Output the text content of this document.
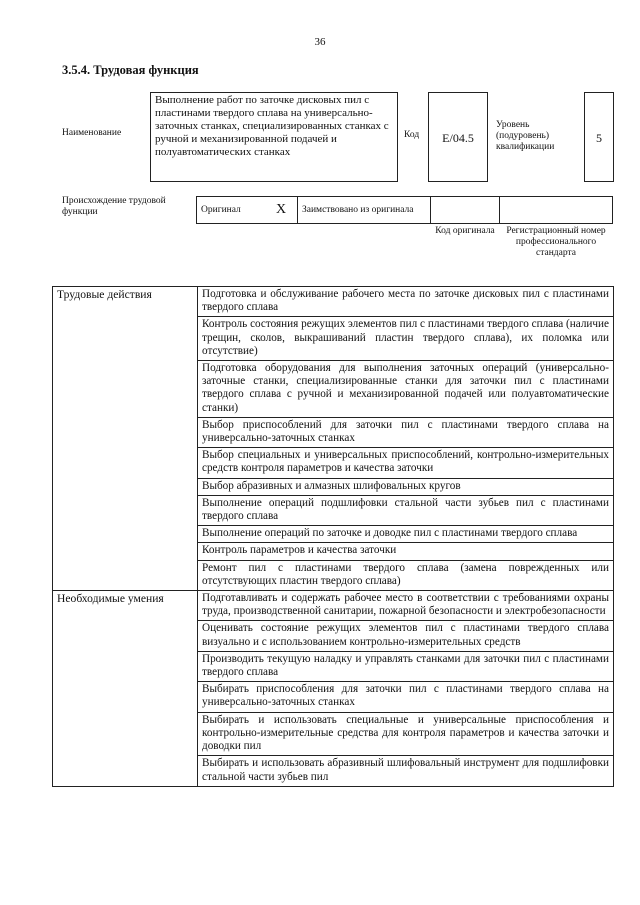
36
3.5.4. Трудовая функция
Наименование
Выполнение работ по заточке дисковых пил с пластинами твердого сплава на универсально-заточных станках, специализированных станках с ручной и механизированной подачей и полуавтоматических станках
Код	E/04.5
Уровень (подуровень) квалификации
5
Происхождение трудовой функции	Оригинал	X	Заимствовано из оригинала		
Код оригинала	Регистрационный номер профессионального стандарта
Трудовые действия	Подготовка и обслуживание рабочего места по заточке дисковых пил с пластинами твердого сплава
	Контроль состояния режущих элементов пил с пластинами твердого сплава (наличие трещин, сколов, выкрашиваний пластин твердого сплава), их поломка или отсутствие)
	Подготовка оборудования для выполнения заточных операций (универсально-заточные станки, специализированные станки для заточки пил с пластинами твердого сплава с ручной и механизированной подачей или полуавтоматические станки)
	Выбор приспособлений для заточки пил с пластинами твердого сплава на универсально-заточных станках
	Выбор специальных и универсальных приспособлений, контрольно-измерительных средств контроля параметров и качества заточки
	Выбор абразивных и алмазных шлифовальных кругов
	Выполнение операций подшлифовки стальной части зубьев пил с пластинами твердого сплава
	Выполнение операций по заточке и доводке пил с пластинами твердого сплава
	Контроль параметров и качества заточки
	Ремонт пил с пластинами твердого сплава (замена поврежденных или отсутствующих пластин твердого сплава)
Необходимые умения	Подготавливать и содержать рабочее место в соответствии с требованиями охраны труда, производственной санитарии, пожарной безопасности и электробезопасности
	Оценивать состояние режущих элементов пил с пластинами твердого сплава визуально и с использованием контрольно-измерительных средств
	Производить текущую наладку и управлять станками для заточки пил с пластинами твердого сплава
	Выбирать приспособления для заточки пил с пластинами твердого сплава на универсально-заточных станках
	Выбирать и использовать специальные и универсальные приспособления и контрольно-измерительные средства для контроля параметров и качества заточки и доводки пил
	Выбирать и использовать абразивный шлифовальный инструмент для подшлифовки стальной части зубьев пил
